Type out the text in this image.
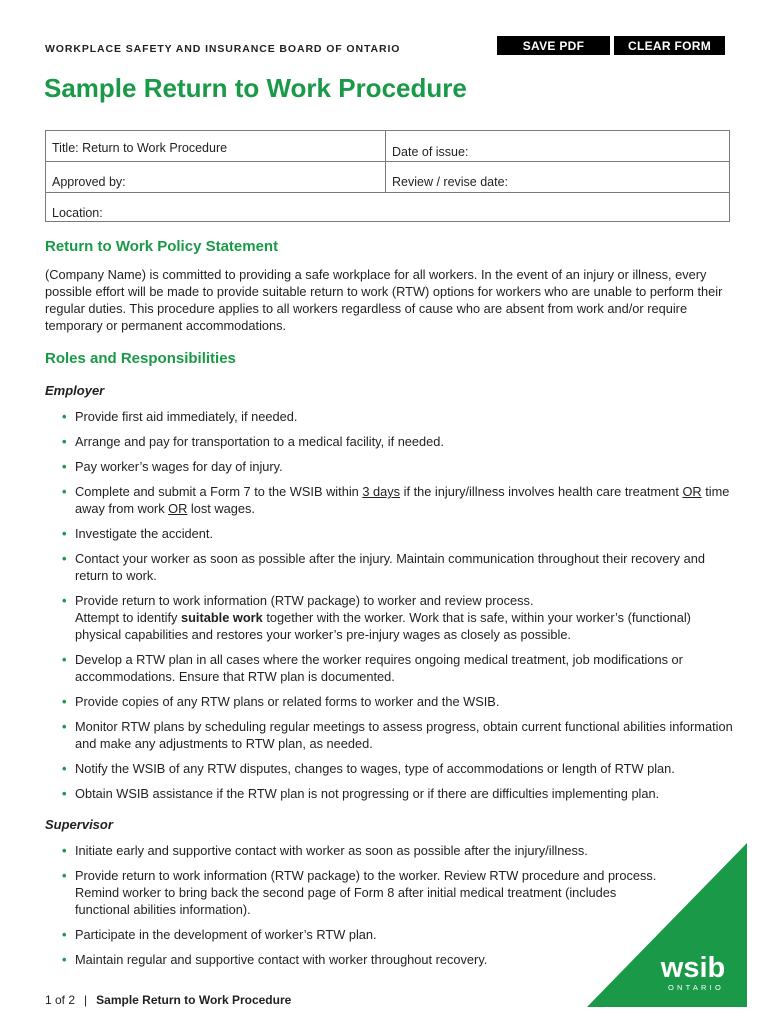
WORKPLACE SAFETY AND INSURANCE BOARD OF ONTARIO	SAVE PDF	CLEAR FORM
Sample Return to Work Procedure
Title: Return to Work Procedure	Date of issue:
Approved by:	Review / revise date:
Location:
Return to Work Policy Statement

(Company Name) is committed to providing a safe workplace for all workers. In the event of an injury or illness, every possible effort will be made to provide suitable return to work (RTW) options for workers who are unable to perform their regular duties. This procedure applies to all workers regardless of cause who are absent from work and/or require temporary or permanent accommodations.

Roles and Responsibilities
Employer
• Provide first aid immediately, if needed.
• Arrange and pay for transportation to a medical facility, if needed.
• Pay worker’s wages for day of injury.
• Complete and submit a Form 7 to the WSIB within 3 days if the injury/illness involves health care treatment OR time away from work OR lost wages.
• Investigate the accident.
• Contact your worker as soon as possible after the injury. Maintain communication throughout their recovery and return to work.
• Provide return to work information (RTW package) to worker and review process.
Attempt to identify suitable work together with the worker. Work that is safe, within your worker’s (functional) physical capabilities and restores your worker’s pre-injury wages as closely as possible.
• Develop a RTW plan in all cases where the worker requires ongoing medical treatment, job modifications or accommodations. Ensure that RTW plan is documented.
• Provide copies of any RTW plans or related forms to worker and the WSIB.
• Monitor RTW plans by scheduling regular meetings to assess progress, obtain current functional abilities information and make any adjustments to RTW plan, as needed.
• Notify the WSIB of any RTW disputes, changes to wages, type of accommodations or length of RTW plan.
• Obtain WSIB assistance if the RTW plan is not progressing or if there are difficulties implementing plan.
Supervisor
• Initiate early and supportive contact with worker as soon as possible after the injury/illness.
• Provide return to work information (RTW package) to the worker. Review RTW procedure and process. Remind worker to bring back the second page of Form 8 after initial medical treatment (includes functional abilities information).
• Participate in the development of worker’s RTW plan.
• Maintain regular and supportive contact with worker throughout recovery.
1 of 2 | Sample Return to Work Procedure
wsib
ONTARIO
